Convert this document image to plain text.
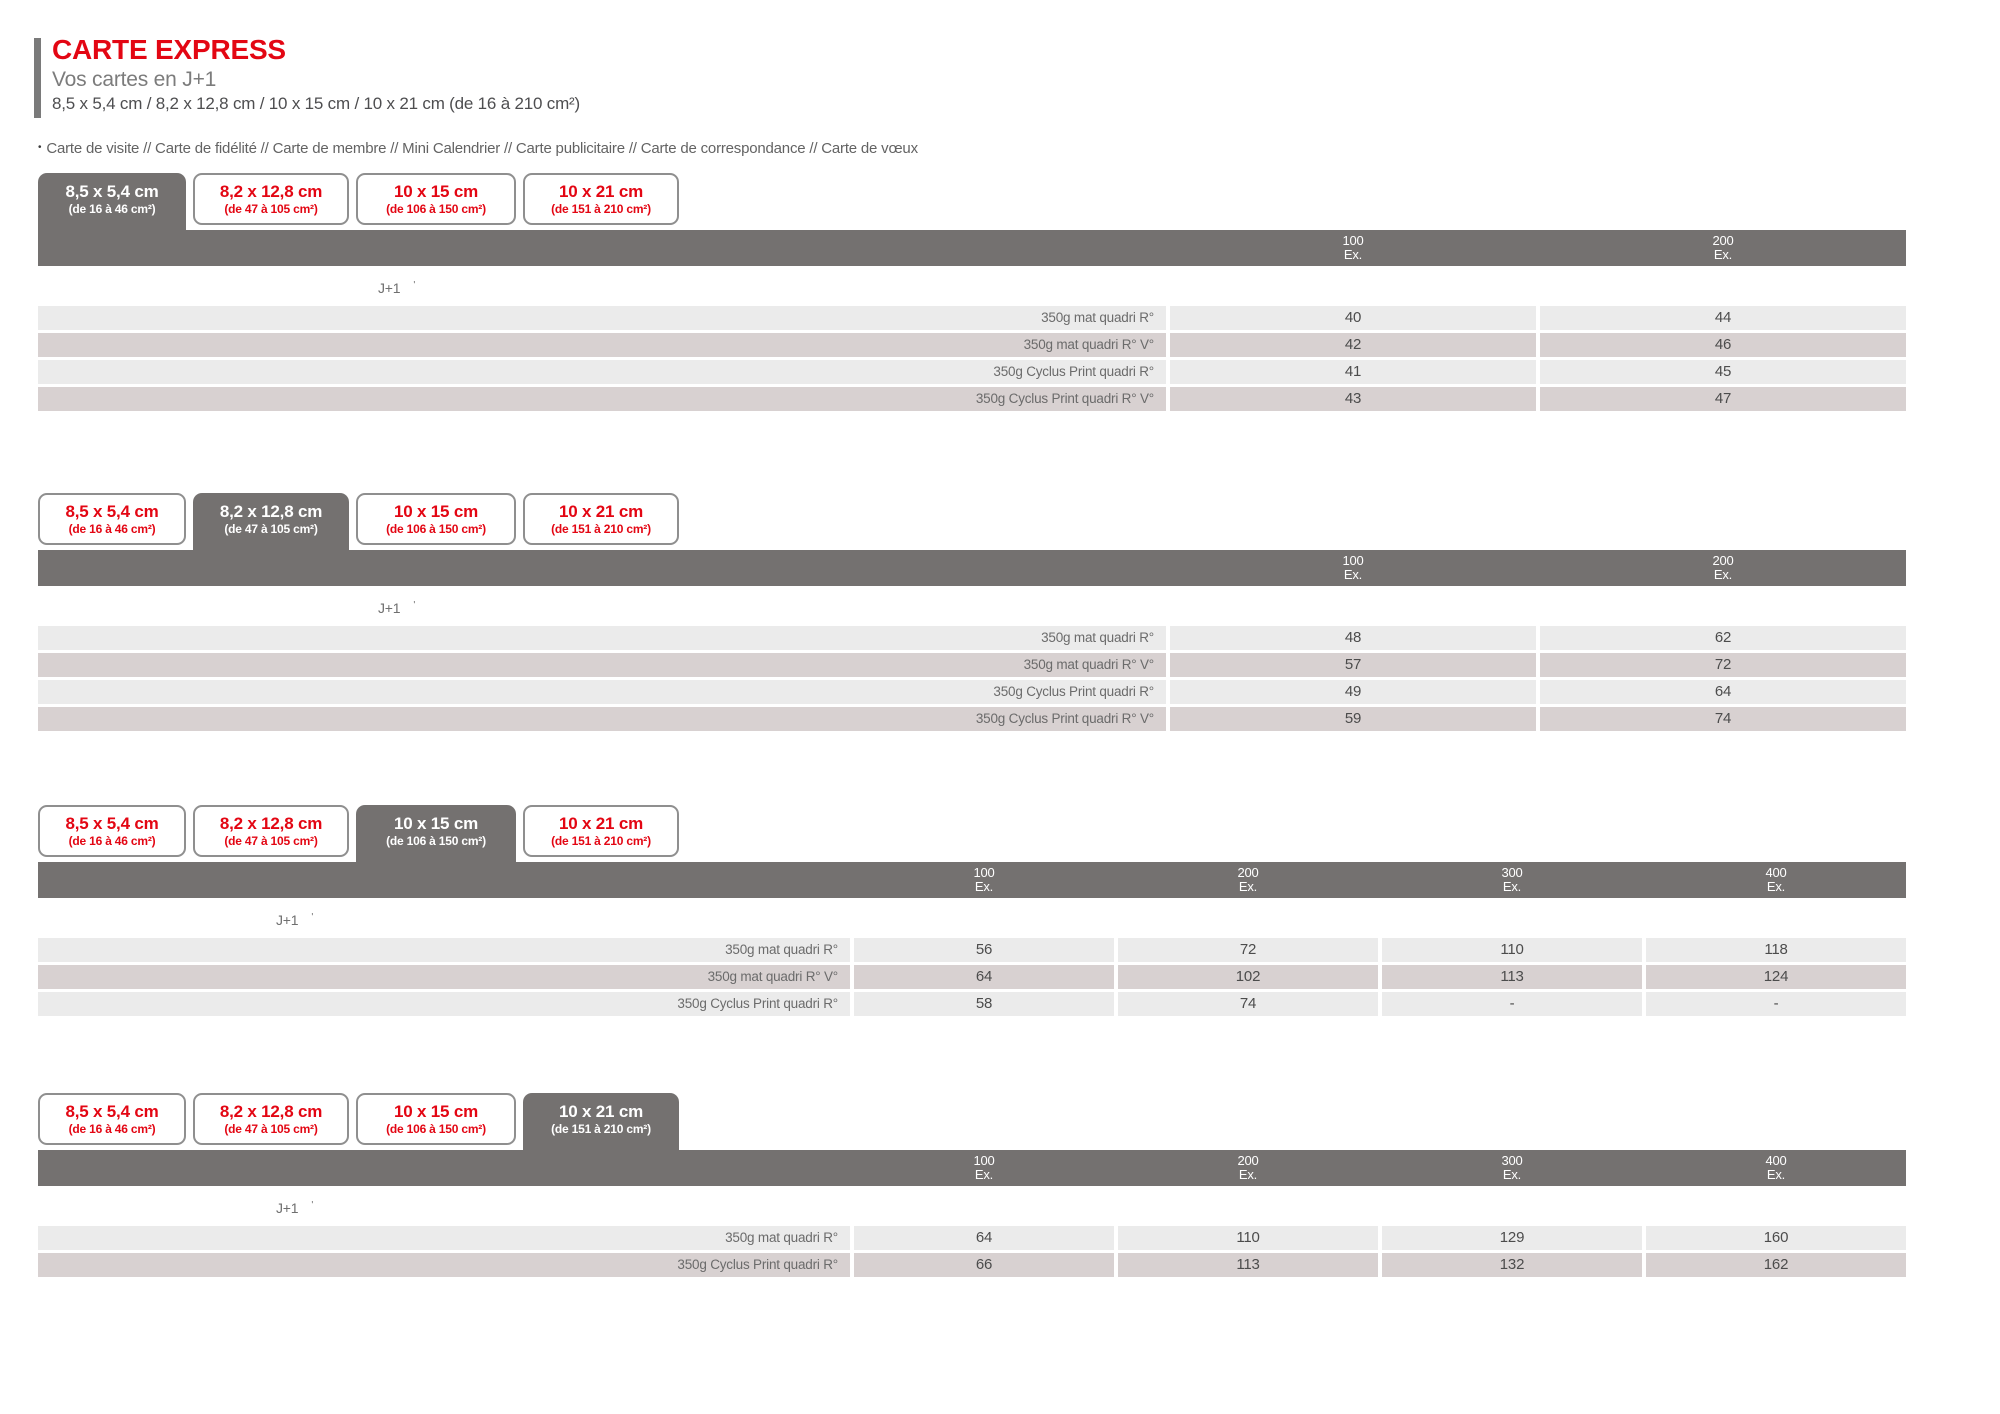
CARTE EXPRESS
Vos cartes en J+1
8,5 x 5,4 cm / 8,2 x 12,8 cm / 10 x 15 cm / 10 x 21 cm (de 16 à 210 cm²)
• Carte de visite // Carte de fidélité // Carte de membre // Mini Calendrier // Carte publicitaire // Carte de correspondance // Carte de vœux
8,5 x 5,4 cm
(de 16 à 46 cm²)
8,2 x 12,8 cm
(de 47 à 105 cm²)
10 x 15 cm
(de 106 à 150 cm²)
10 x 21 cm
(de 151 à 210 cm²)
100
Ex.
200
Ex.
J+1 '
350g mat quadri R°	40	44
350g mat quadri R° V°	42	46
350g Cyclus Print quadri R°	41	45
350g Cyclus Print quadri R° V°	43	47
8,5 x 5,4 cm
(de 16 à 46 cm²)
8,2 x 12,8 cm
(de 47 à 105 cm²)
10 x 15 cm
(de 106 à 150 cm²)
10 x 21 cm
(de 151 à 210 cm²)
100
Ex.
200
Ex.
J+1 '
350g mat quadri R°	48	62
350g mat quadri R° V°	57	72
350g Cyclus Print quadri R°	49	64
350g Cyclus Print quadri R° V°	59	74
8,5 x 5,4 cm
(de 16 à 46 cm²)
8,2 x 12,8 cm
(de 47 à 105 cm²)
10 x 15 cm
(de 106 à 150 cm²)
10 x 21 cm
(de 151 à 210 cm²)
100
Ex.
200
Ex.
300
Ex.
400
Ex.
J+1 '
350g mat quadri R°	56	72	110	118
350g mat quadri R° V°	64	102	113	124
350g Cyclus Print quadri R°	58	74	-	-
8,5 x 5,4 cm
(de 16 à 46 cm²)
8,2 x 12,8 cm
(de 47 à 105 cm²)
10 x 15 cm
(de 106 à 150 cm²)
10 x 21 cm
(de 151 à 210 cm²)
100
Ex.
200
Ex.
300
Ex.
400
Ex.
J+1 '
350g mat quadri R°	64	110	129	160
350g Cyclus Print quadri R°	66	113	132	162
